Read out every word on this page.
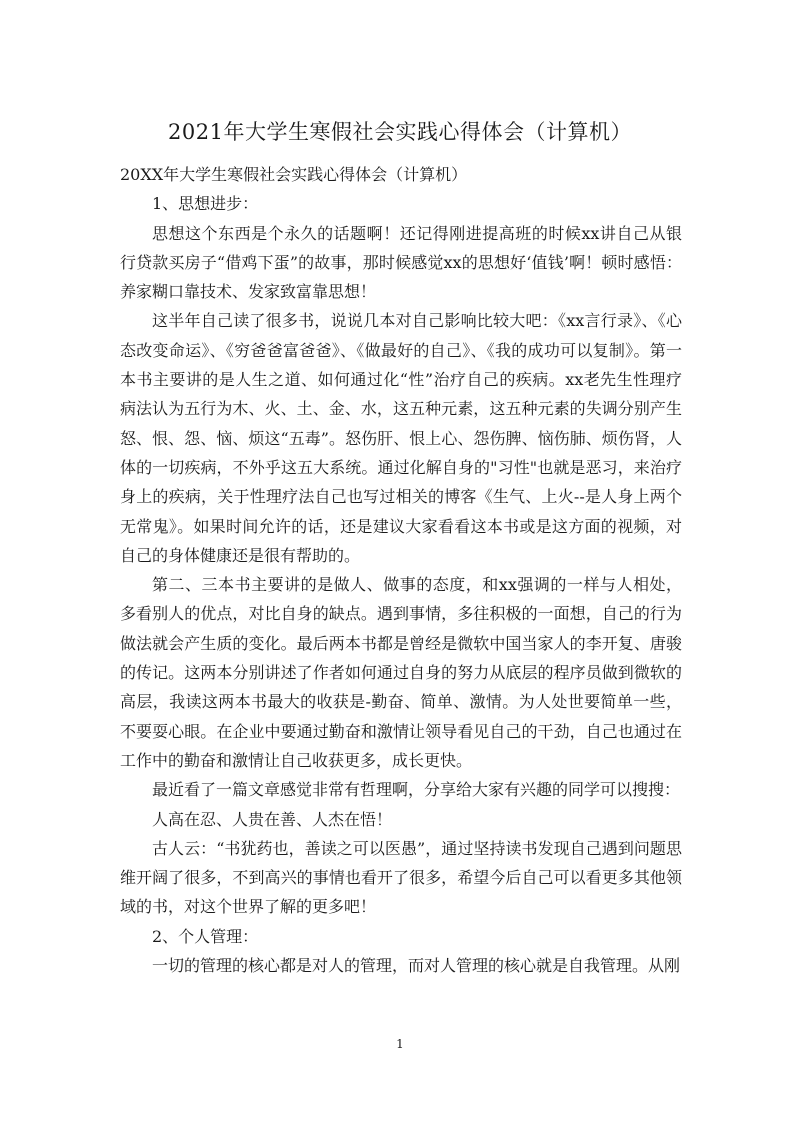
2021年大学生寒假社会实践心得体会（计算机）

20XX年大学生寒假社会实践心得体会（计算机）

1、思想进步：

思想这个东西是个永久的话题啊！还记得刚进提高班的时候xx讲自己从银行贷款买房子“借鸡下蛋”的故事，那时候感觉xx的思想好‘值钱’啊！顿时感悟：养家糊口靠技术、发家致富靠思想！

这半年自己读了很多书，说说几本对自己影响比较大吧：《xx言行录》、《心态改变命运》、《穷爸爸富爸爸》、《做最好的自己》、《我的成功可以复制》。第一本书主要讲的是人生之道、如何通过化“性”治疗自己的疾病。xx老先生性理疗病法认为五行为木、火、土、金、水，这五种元素，这五种元素的失调分别产生怒、恨、怨、恼、烦这“五毒”。怒伤肝、恨上心、怨伤脾、恼伤肺、烦伤肾，人体的一切疾病，不外乎这五大系统。通过化解自身的"习性"也就是恶习，来治疗身上的疾病，关于性理疗法自己也写过相关的博客《生气、上火--是人身上两个无常鬼》。如果时间允许的话，还是建议大家看看这本书或是这方面的视频，对自己的身体健康还是很有帮助的。

第二、三本书主要讲的是做人、做事的态度，和xx强调的一样与人相处，多看别人的优点，对比自身的缺点。遇到事情，多往积极的一面想，自己的行为做法就会产生质的变化。最后两本书都是曾经是微软中国当家人的李开复、唐骏的传记。这两本分别讲述了作者如何通过自身的努力从底层的程序员做到微软的高层，我读这两本书最大的收获是-勤奋、简单、激情。为人处世要简单一些，不要耍心眼。在企业中要通过勤奋和激情让领导看见自己的干劲，自己也通过在工作中的勤奋和激情让自己收获更多，成长更快。

最近看了一篇文章感觉非常有哲理啊，分享给大家有兴趣的同学可以搜搜：

人高在忍、人贵在善、人杰在悟！

古人云：“书犹药也，善读之可以医愚”，通过坚持读书发现自己遇到问题思维开阔了很多，不到高兴的事情也看开了很多，希望今后自己可以看更多其他领域的书，对这个世界了解的更多吧！

2、个人管理：

一切的管理的核心都是对人的管理，而对人管理的核心就是自我管理。从刚

1
